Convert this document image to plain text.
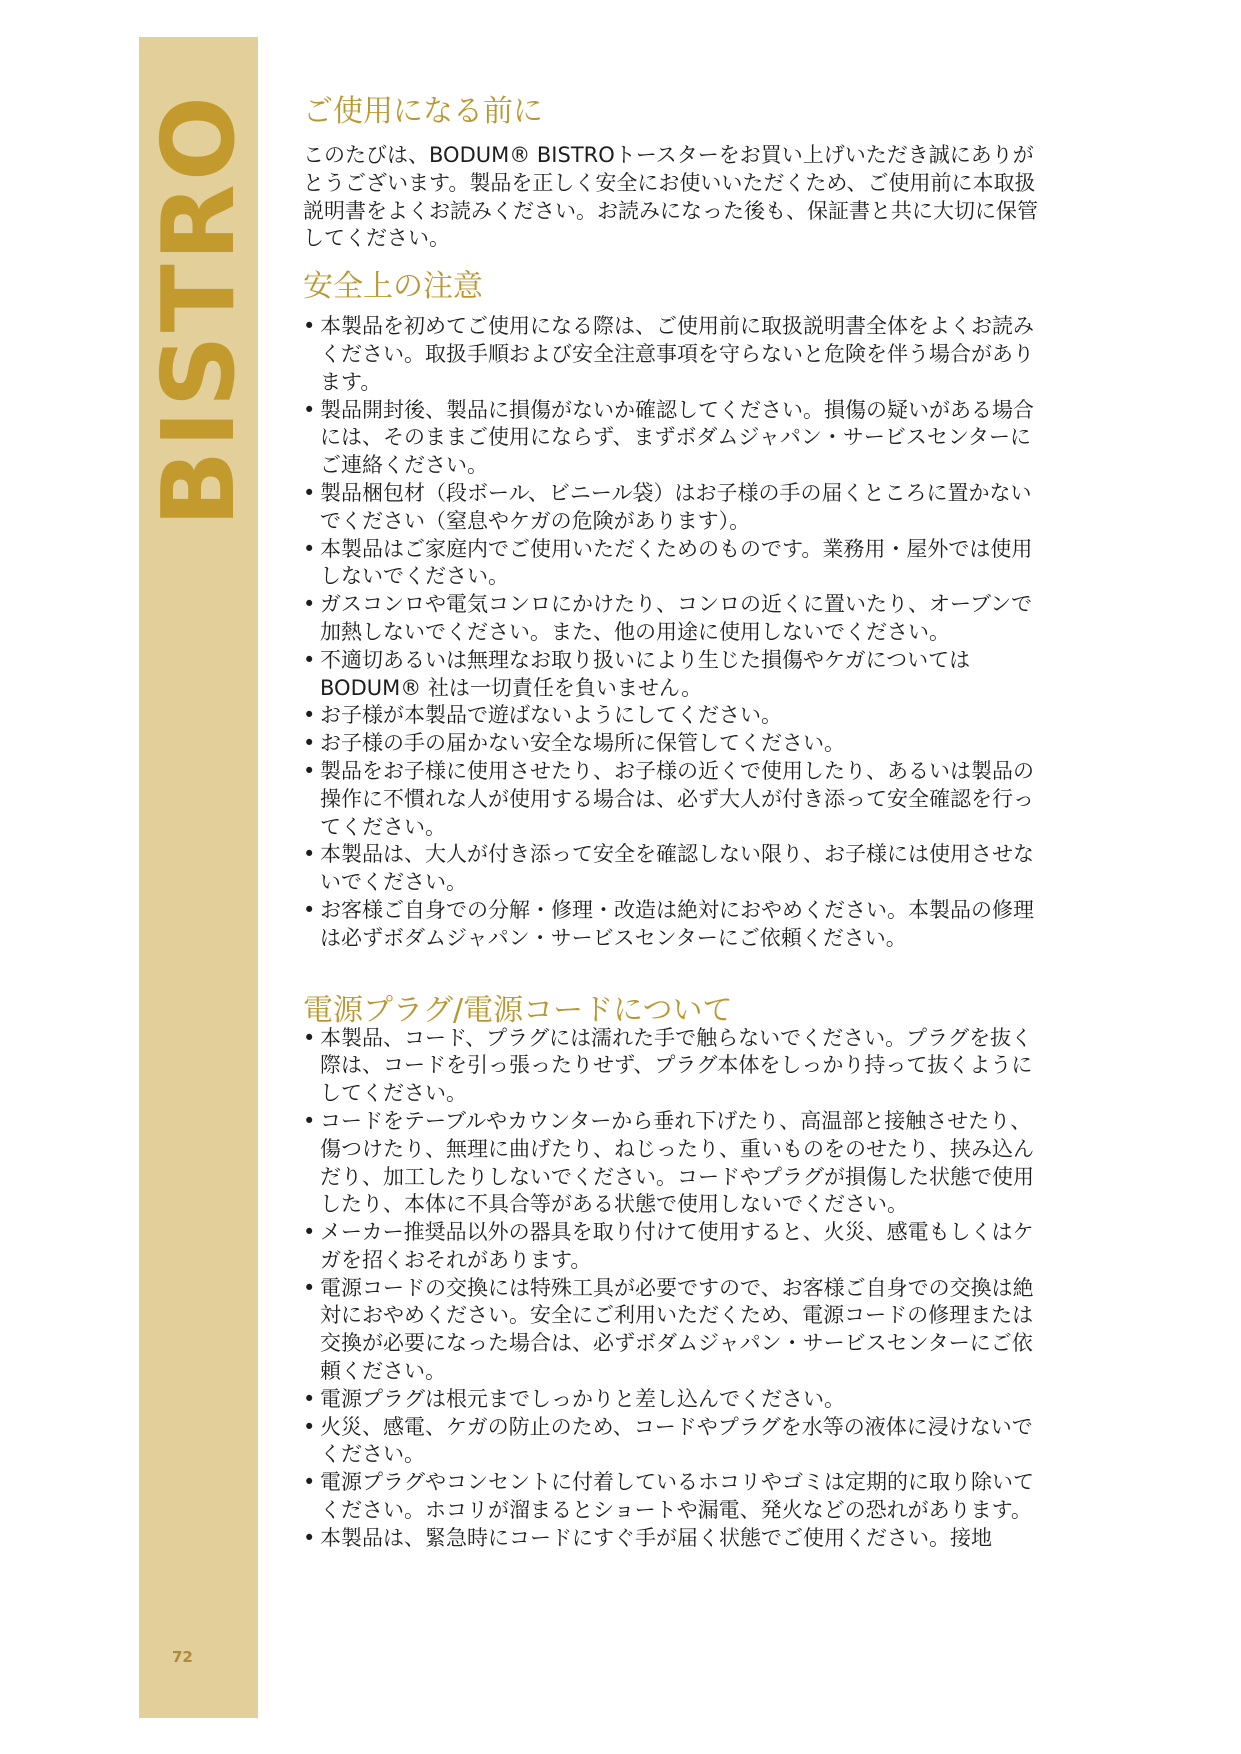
BISTRO
72
ご使用になる前に

このたびは、BODUM® BISTROトースターをお買い上げいただき誠にありがとうございます。製品を正しく安全にお使いいただくため、ご使用前に本取扱説明書をよくお読みください。お読みになった後も、保証書と共に大切に保管してください。

安全上の注意
• 本製品を初めてご使用になる際は、ご使用前に取扱説明書全体をよくお読みください。取扱手順および安全注意事項を守らないと危険を伴う場合があります。
• 製品開封後、製品に損傷がないか確認してください。損傷の疑いがある場合には、そのままご使用にならず、まずボダムジャパン・サービスセンターにご連絡ください。
• 製品梱包材（段ボール、ビニール袋）はお子様の手の届くところに置かないでください（窒息やケガの危険があります）。
• 本製品はご家庭内でご使用いただくためのものです。業務用・屋外では使用しないでください。
• ガスコンロや電気コンロにかけたり、コンロの近くに置いたり、オーブンで加熱しないでください。また、他の用途に使用しないでください。
• 不適切あるいは無理なお取り扱いにより生じた損傷やケガについてはBODUM® 社は一切責任を負いません。
• お子様が本製品で遊ばないようにしてください。
• お子様の手の届かない安全な場所に保管してください。
• 製品をお子様に使用させたり、お子様の近くで使用したり、あるいは製品の操作に不慣れな人が使用する場合は、必ず大人が付き添って安全確認を行ってください。
• 本製品は、大人が付き添って安全を確認しない限り、お子様には使用させないでください。
• お客様ご自身での分解・修理・改造は絶対におやめください。本製品の修理は必ずボダムジャパン・サービスセンターにご依頼ください。
電源プラグ/電源コードについて
• 本製品、コード、プラグには濡れた手で触らないでください。プラグを抜く際は、コードを引っ張ったりせず、プラグ本体をしっかり持って抜くようにしてください。
• コードをテーブルやカウンターから垂れ下げたり、高温部と接触させたり、傷つけたり、無理に曲げたり、ねじったり、重いものをのせたり、挟み込んだり、加工したりしないでください。コードやプラグが損傷した状態で使用したり、本体に不具合等がある状態で使用しないでください。
• メーカー推奨品以外の器具を取り付けて使用すると、火災、感電もしくはケガを招くおそれがあります。
• 電源コードの交換には特殊工具が必要ですので、お客様ご自身での交換は絶対におやめください。安全にご利用いただくため、電源コードの修理または交換が必要になった場合は、必ずボダムジャパン・サービスセンターにご依頼ください。
• 電源プラグは根元までしっかりと差し込んでください。
• 火災、感電、ケガの防止のため、コードやプラグを水等の液体に浸けないでください。
• 電源プラグやコンセントに付着しているホコリやゴミは定期的に取り除いてください。ホコリが溜まるとショートや漏電、発火などの恐れがあります。
• 本製品は、緊急時にコードにすぐ手が届く状態でご使用ください。接地
